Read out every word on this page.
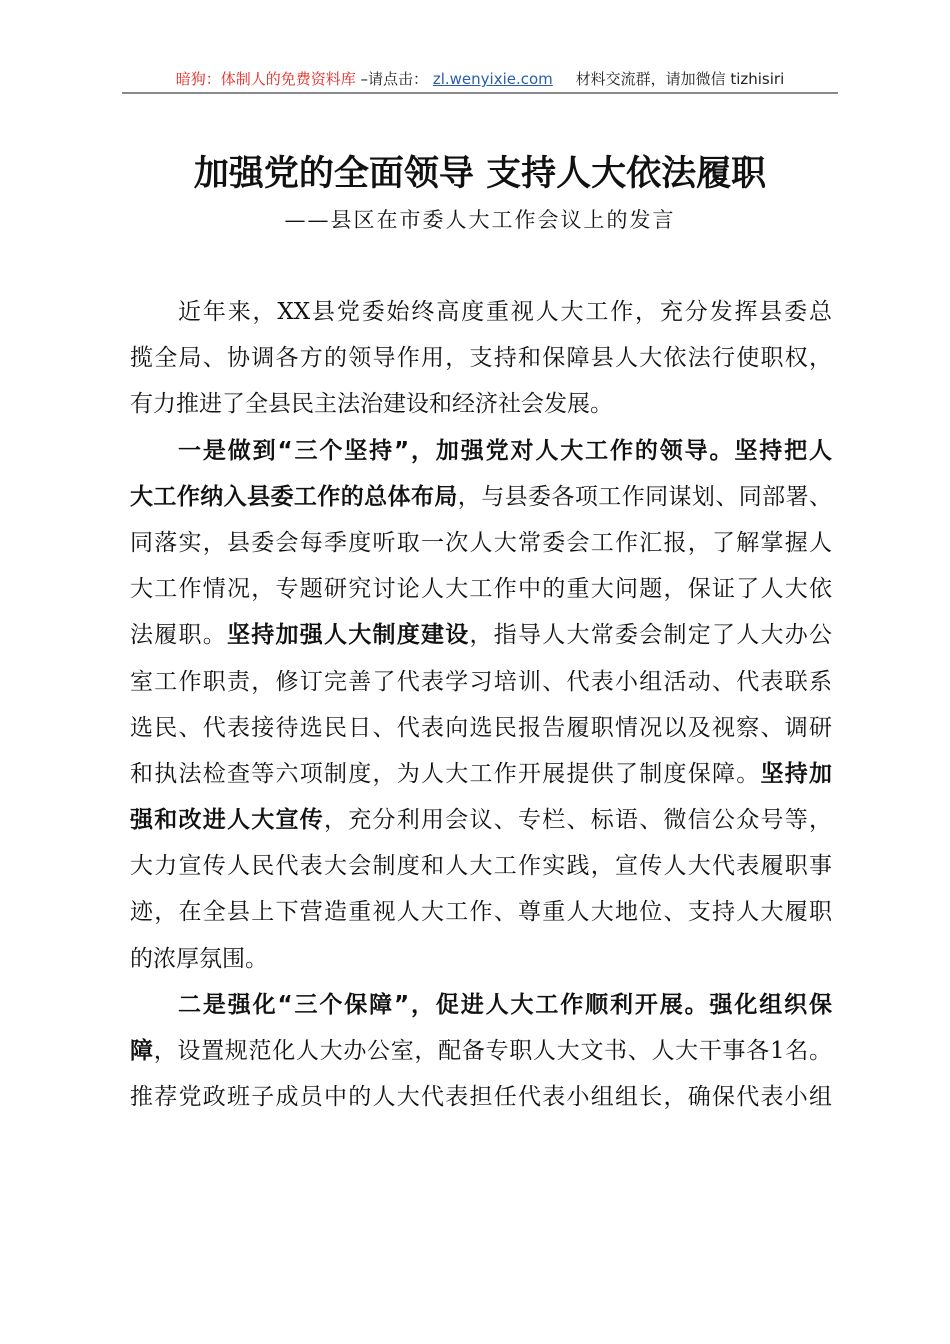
暗狗：体制人的免费资料库 –请点击： zl.wenyixie.com 材料交流群，请加微信 tizhisiri
加强党的全面领导 支持人大依法履职
——县区在市委人大工作会议上的发言
近年来，XX县党委始终高度重视人大工作，充分发挥县委总
揽全局、协调各方的领导作用，支持和保障县人大依法行使职权，
有力推进了全县民主法治建设和经济社会发展。
一是做到“三个坚持”，加强党对人大工作的领导。坚持把人
大工作纳入县委工作的总体布局，与县委各项工作同谋划、同部署、
同落实，县委会每季度听取一次人大常委会工作汇报，了解掌握人
大工作情况，专题研究讨论人大工作中的重大问题，保证了人大依
法履职。坚持加强人大制度建设，指导人大常委会制定了人大办公
室工作职责，修订完善了代表学习培训、代表小组活动、代表联系
选民、代表接待选民日、代表向选民报告履职情况以及视察、调研
和执法检查等六项制度，为人大工作开展提供了制度保障。坚持加
强和改进人大宣传，充分利用会议、专栏、标语、微信公众号等，
大力宣传人民代表大会制度和人大工作实践，宣传人大代表履职事
迹，在全县上下营造重视人大工作、尊重人大地位、支持人大履职
的浓厚氛围。
二是强化“三个保障”，促进人大工作顺利开展。强化组织保
障，设置规范化人大办公室，配备专职人大文书、人大干事各1名。
推荐党政班子成员中的人大代表担任代表小组组长，确保代表小组
